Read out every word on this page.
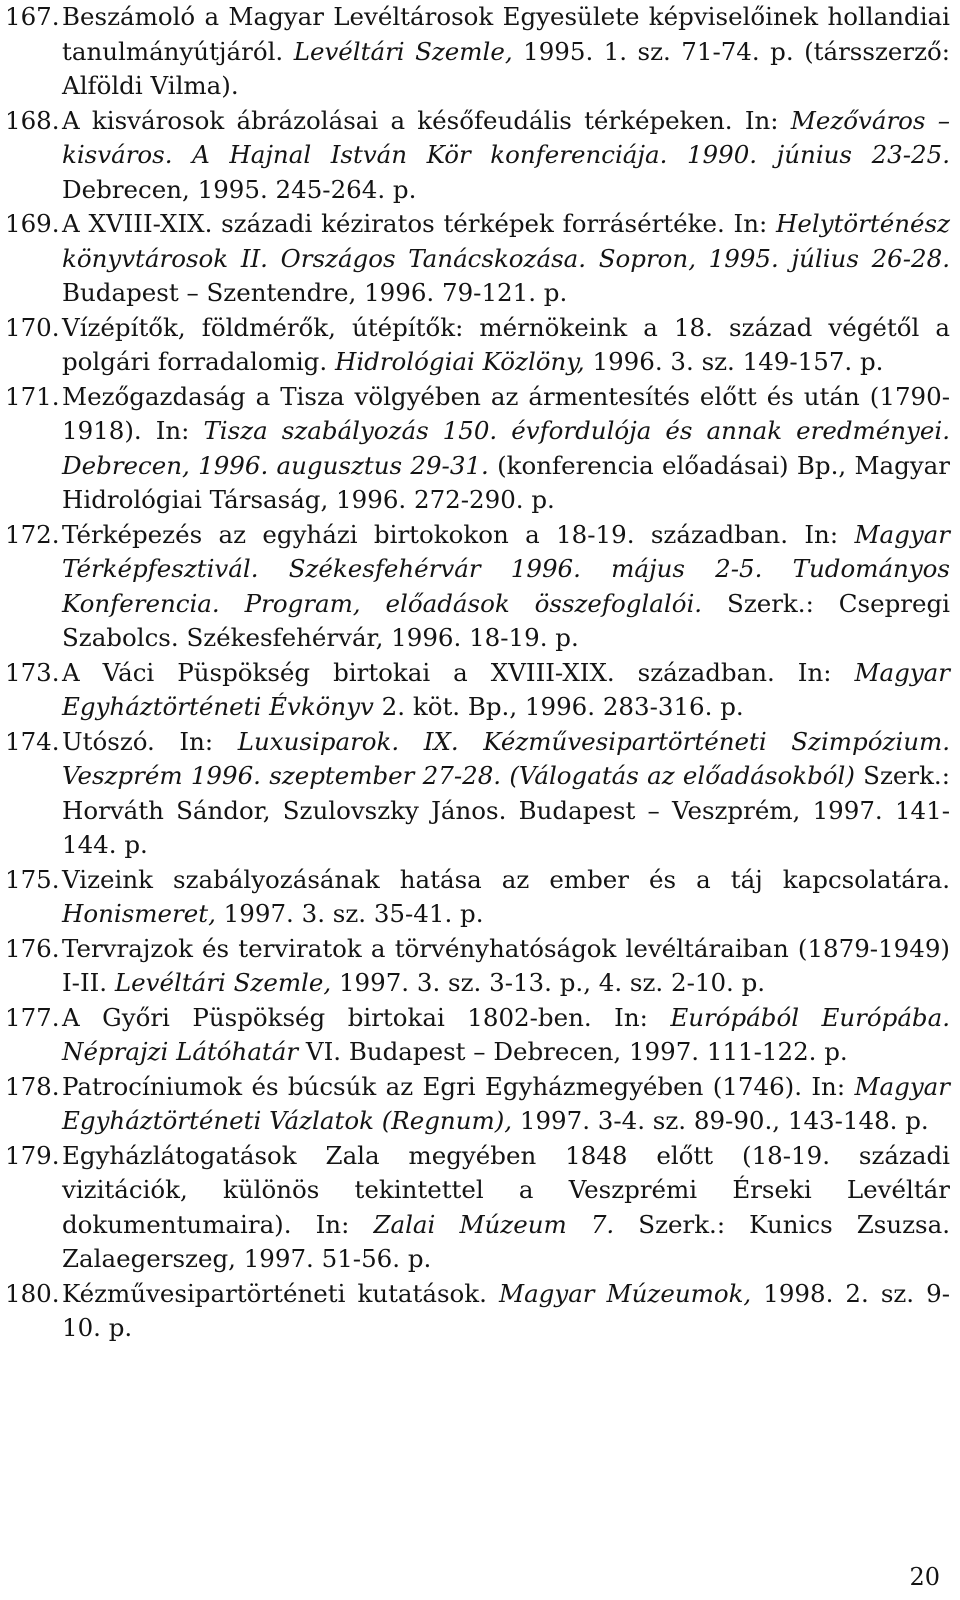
167. Beszámoló a Magyar Levéltárosok Egyesülete képviselőinek hollandiai tanulmányútjáról. Levéltári Szemle, 1995. 1. sz. 71-74. p. (társszerző: Alföldi Vilma).
168. A kisvárosok ábrázolásai a későfeudális térképeken. In: Mezőváros – kisváros. A Hajnal István Kör konferenciája. 1990. június 23-25. Debrecen, 1995. 245-264. p.
169. A XVIII-XIX. századi kéziratos térképek forrásértéke. In: Helytörténész könyvtárosok II. Országos Tanácskozása. Sopron, 1995. július 26-28. Budapest – Szentendre, 1996. 79-121. p.
170. Vízépítők, földmérők, útépítők: mérnökeink a 18. század végétől a polgári forradalomig. Hidrológiai Közlöny, 1996. 3. sz. 149-157. p.
171. Mezőgazdaság a Tisza völgyében az ármentesítés előtt és után (1790-1918). In: Tisza szabályozás 150. évfordulója és annak eredményei. Debrecen, 1996. augusztus 29-31. (konferencia előadásai) Bp., Magyar Hidrológiai Társaság, 1996. 272-290. p.
172. Térképezés az egyházi birtokokon a 18-19. században. In: Magyar Térképfesztivál. Székesfehérvár 1996. május 2-5. Tudományos Konferencia. Program, előadások összefoglalói. Szerk.: Csepregi Szabolcs. Székesfehérvár, 1996. 18-19. p.
173. A Váci Püspökség birtokai a XVIII-XIX. században. In: Magyar Egyháztörténeti Évkönyv 2. köt. Bp., 1996. 283-316. p.
174. Utószó. In: Luxusiparok. IX. Kézművesipartörténeti Szimpózium. Veszprém 1996. szeptember 27-28. (Válogatás az előadásokból) Szerk.: Horváth Sándor, Szulovszky János. Budapest – Veszprém, 1997. 141-144. p.
175. Vizeink szabályozásának hatása az ember és a táj kapcsolatára. Honismeret, 1997. 3. sz. 35-41. p.
176. Tervrajzok és terviratok a törvényhatóságok levéltáraiban (1879-1949) I-II. Levéltári Szemle, 1997. 3. sz. 3-13. p., 4. sz. 2-10. p.
177. A Győri Püspökség birtokai 1802-ben. In: Európából Európába. Néprajzi Látóhatár VI. Budapest – Debrecen, 1997. 111-122. p.
178. Patrocíniumok és búcsúk az Egri Egyházmegyében (1746). In: Magyar Egyháztörténeti Vázlatok (Regnum), 1997. 3-4. sz. 89-90., 143-148. p.
179. Egyházlátogatások Zala megyében 1848 előtt (18-19. századi vizitációk, különös tekintettel a Veszprémi Érseki Levéltár dokumentumaira). In: Zalai Múzeum 7. Szerk.: Kunics Zsuzsa. Zalaegerszeg, 1997. 51-56. p.
180. Kézművesipartörténeti kutatások. Magyar Múzeumok, 1998. 2. sz. 9-10. p.
20
